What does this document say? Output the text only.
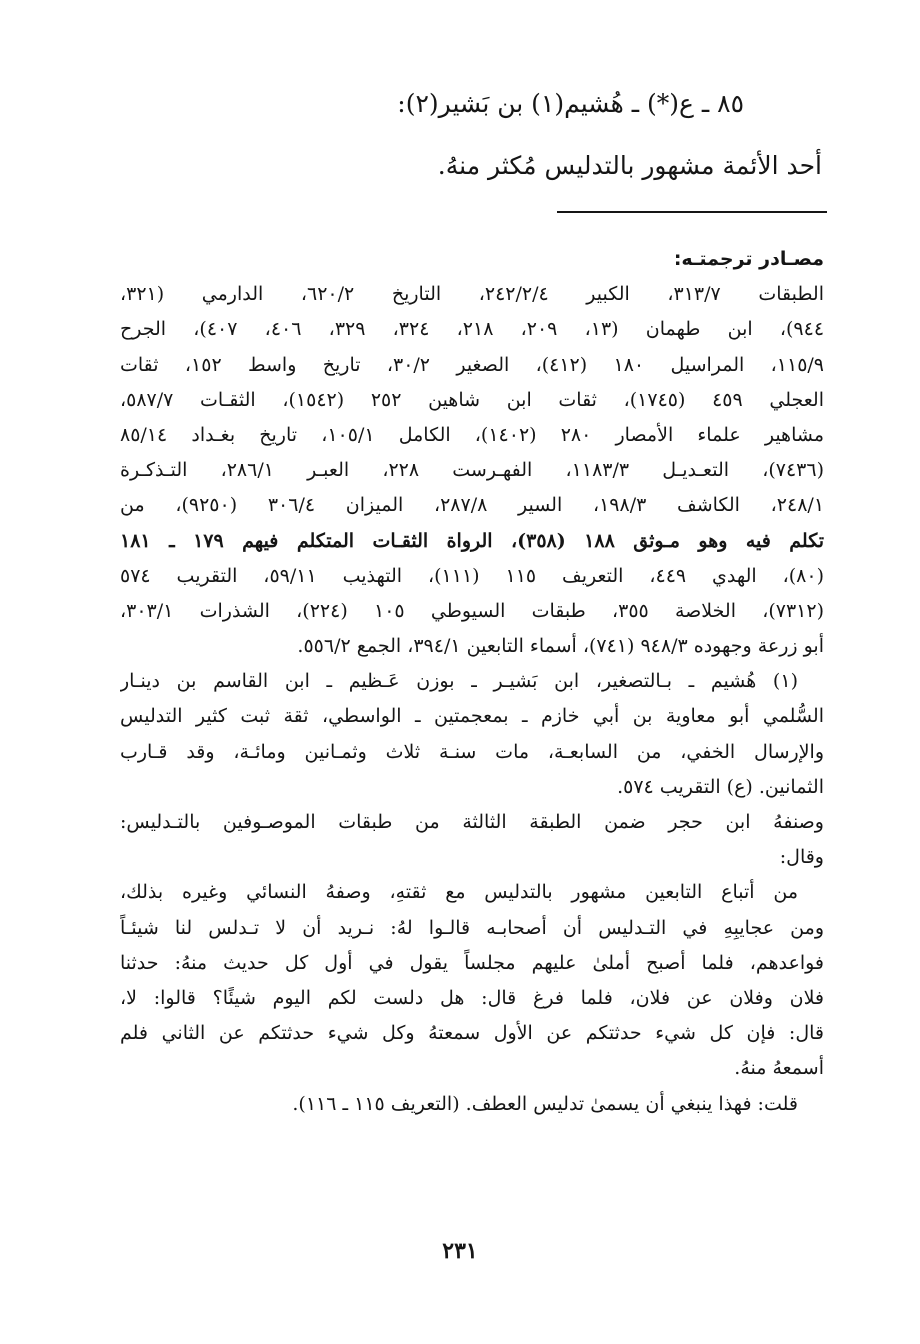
٨٥ ـ ع(*) ـ هُشيم(١) بن بَشير(٢):
أحد الأئمة مشهور بالتدليس مُكثر منهُ.
مصـادر ترجمتـه:
الطبقات ٣١٣/٧، الكبير ٢٤٢/٢/٤، التاريخ ٦٢٠/٢، الدارمي (٣٢١،
٩٤٤)، ابن طهمان (١٣، ٢٠٩، ٢١٨، ٣٢٤، ٣٢٩، ٤٠٦، ٤٠٧)، الجرح
١١٥/٩، المراسيل ١٨٠ (٤١٢)، الصغير ٣٠/٢، تاريخ واسط ١٥٢، ثقات
العجلي ٤٥٩ (١٧٤٥)، ثقات ابن شاهين ٢٥٢ (١٥٤٢)، الثقـات ٥٨٧/٧،
مشاهير علماء الأمصار ٢٨٠ (١٤٠٢)، الكامل ١٠٥/١، تاريخ بغـداد ٨٥/١٤
(٧٤٣٦)، التعـديـل ١١٨٣/٣، الفهـرست ٢٢٨، العبـر ٢٨٦/١، التـذكـرة
٢٤٨/١، الكاشف ١٩٨/٣، السير ٢٨٧/٨، الميزان ٣٠٦/٤ (٩٢٥٠)، من
تكلم فيه وهو مـوثق ١٨٨ (٣٥٨)، الرواة الثقـات المتكلم فيهم ١٧٩ ـ ١٨١
(٨٠)، الهدي ٤٤٩، التعريف ١١٥ (١١١)، التهذيب ٥٩/١١، التقريب ٥٧٤
(٧٣١٢)، الخلاصة ٣٥٥، طبقات السيوطي ١٠٥ (٢٢٤)، الشذرات ٣٠٣/١،
أبو زرعة وجهوده ٩٤٨/٣ (٧٤١)، أسماء التابعين ٣٩٤/١، الجمع ٥٥٦/٢.
(١) هُشيم ـ بـالتصغير، ابن بَشيـر ـ بوزن عَـظيم ـ ابن القاسم بن دينـار
السُّلمي أبو معاوية بن أبي خازم ـ بمعجمتين ـ الواسطي، ثقة ثبت كثير التدليس
والإرسال الخفي، من السابعـة، مات سنـة ثلاث وثمـانين ومائـة، وقد قـارب
الثمانين. (ع) التقريب ٥٧٤.
وصنفهُ ابن حجر ضمن الطبقة الثالثة من طبقات الموصـوفين بالتـدليس:
وقال:
من أتباع التابعين مشهور بالتدليس مع ثقتهِ، وصفهُ النسائي وغيره بذلك،
ومن عجايبِهِ في التـدليس أن أصحابـه قالـوا لهُ: نـريد أن لا تـدلس لنا شيئـاً
فواعدهم، فلما أصبح أملىٰ عليهم مجلساً يقول في أول كل حديث منهُ: حدثنا
فلان وفلان عن فلان، فلما فرغ قال: هل دلست لكم اليوم شيئًا؟ قالوا: لا،
قال: فإن كل شيء حدثتكم عن الأول سمعتهُ وكل شيء حدثتكم عن الثاني فلم
أسمعهُ منهُ.
قلت: فهذا ينبغي أن يسمىٰ تدليس العطف. (التعريف ١١٥ ـ ١١٦).
٢٣١
